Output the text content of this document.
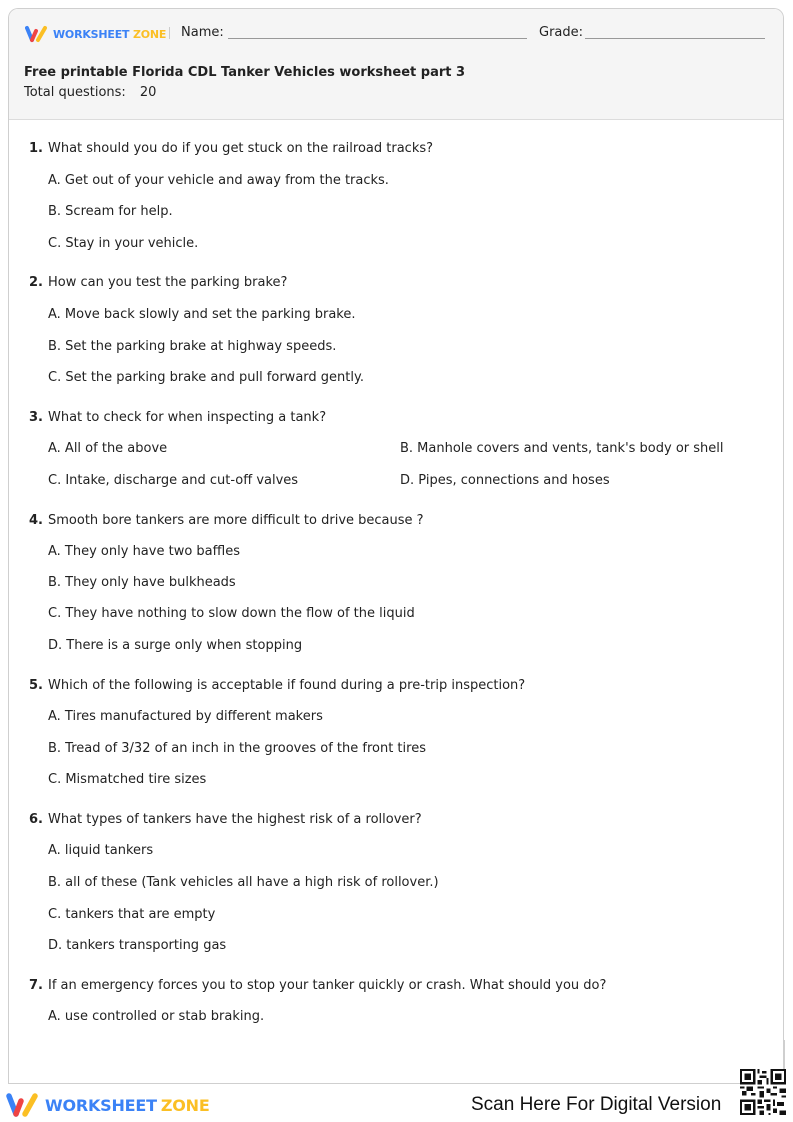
WORKSHEET ZONE Name:	Grade:
Free printable Florida CDL Tanker Vehicles worksheet part 3
Total questions: 20
1. What should you do if you get stuck on the railroad tracks?
A. Get out of your vehicle and away from the tracks.
B. Scream for help.
C. Stay in your vehicle.
2. How can you test the parking brake?
A. Move back slowly and set the parking brake.
B. Set the parking brake at highway speeds.
C. Set the parking brake and pull forward gently.
3. What to check for when inspecting a tank?
A. All of the above	B. Manhole covers and vents, tank's body or shell
C. Intake, discharge and cut-off valves	D. Pipes, connections and hoses
4. Smooth bore tankers are more difficult to drive because ?
A. They only have two baffles
B. They only have bulkheads
C. They have nothing to slow down the flow of the liquid
D. There is a surge only when stopping
5. Which of the following is acceptable if found during a pre-trip inspection?
A. Tires manufactured by different makers
B. Tread of 3/32 of an inch in the grooves of the front tires
C. Mismatched tire sizes
6. What types of tankers have the highest risk of a rollover?
A. liquid tankers
B. all of these (Tank vehicles all have a high risk of rollover.)
C. tankers that are empty
D. tankers transporting gas
7. If an emergency forces you to stop your tanker quickly or crash. What should you do?
A. use controlled or stab braking.
WORKSHEET ZONE	Scan Here For Digital Version
